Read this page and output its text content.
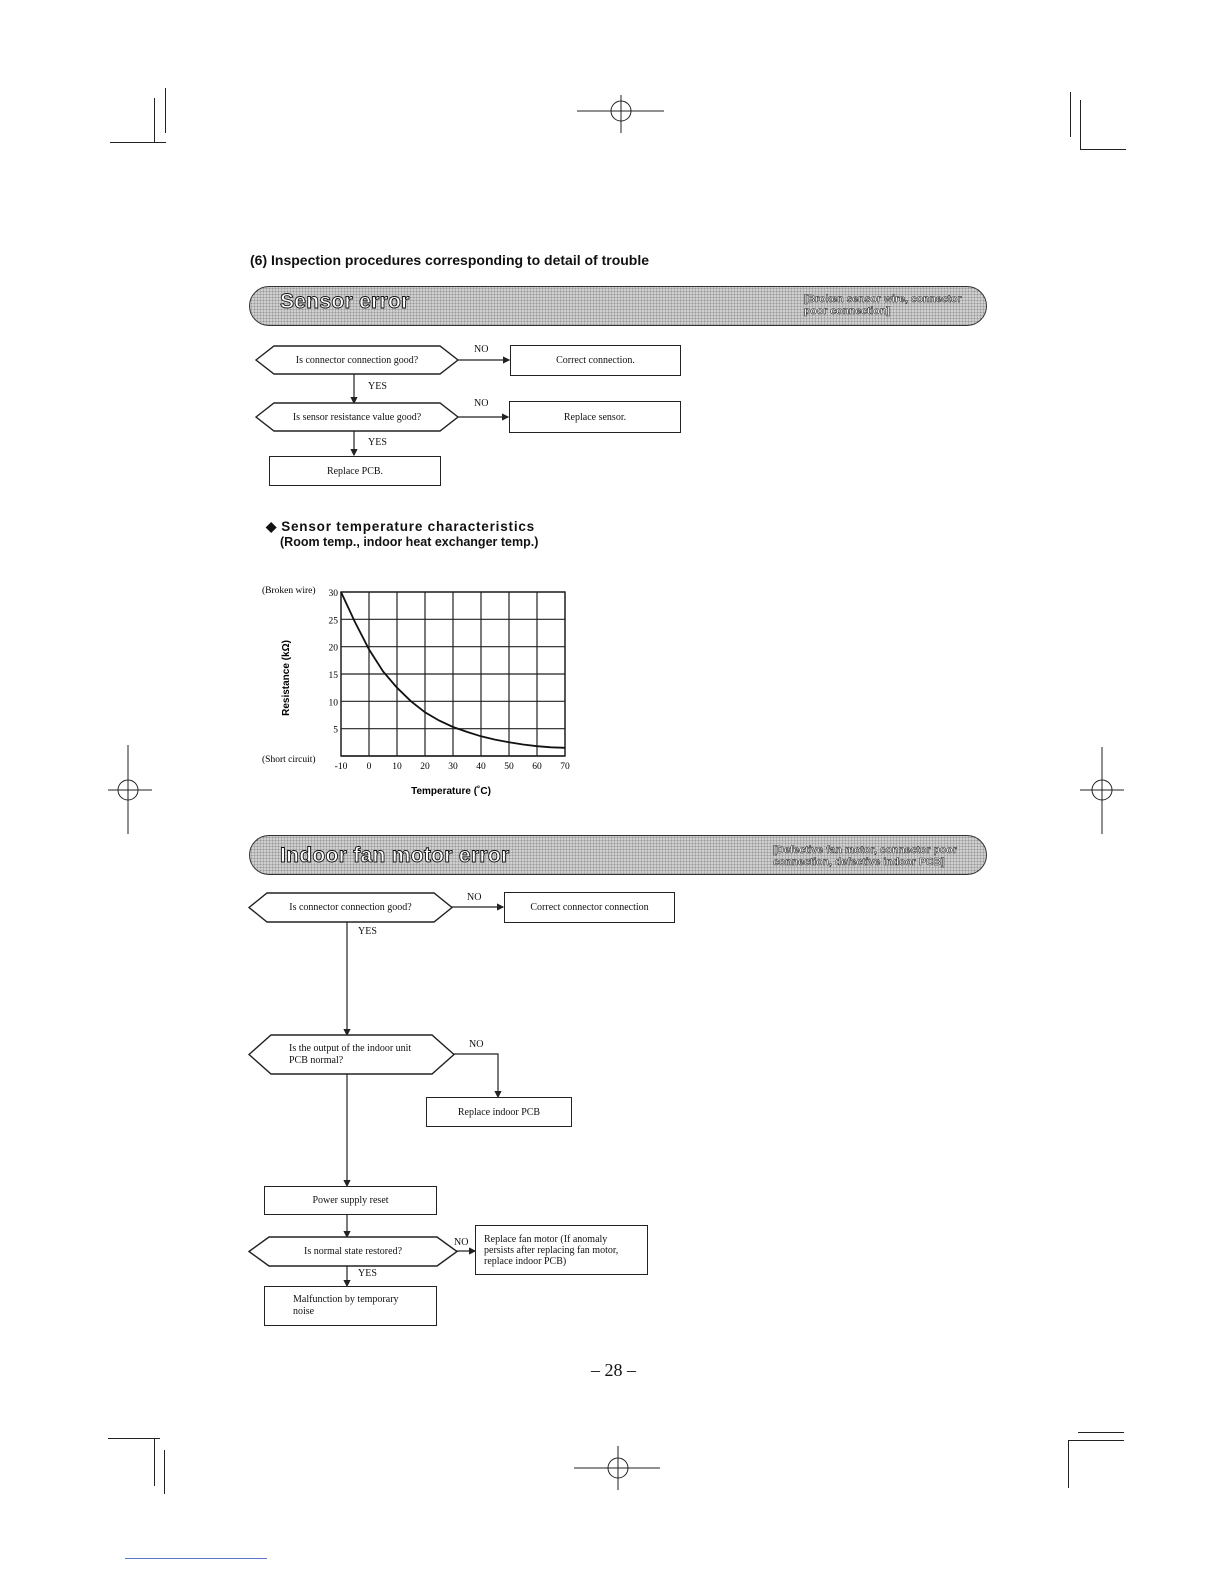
(6) Inspection procedures corresponding to detail of trouble
Sensor error	[Broken sensor wire, connector poor connection]
Is connector connection good?
NO
Correct connection.
YES
Is sensor resistance value good?
NO
Replace sensor.
YES
Replace PCB.
◆ Sensor temperature characteristics
(Room temp., indoor heat exchanger temp.)
-10 0 10 20 30 40 50 60 70
30
25
20
15
10
5
Temperature (˚C)
Resistance (kΩ)
(Broken wire)
(Short circuit)
Indoor fan motor error	[Defective fan motor, connector poor connection, defective indoor PCB]
Is connector connection good?
NO
Correct connector connection
YES
Is the output of the indoor unit
PCB normal?
NO
Replace indoor PCB
Power supply reset
Is normal state restored?
NO Replace fan motor (If anomaly
persists after replacing fan motor,
replace indoor PCB)
YES
Malfunction by temporary
noise
– 28 –
